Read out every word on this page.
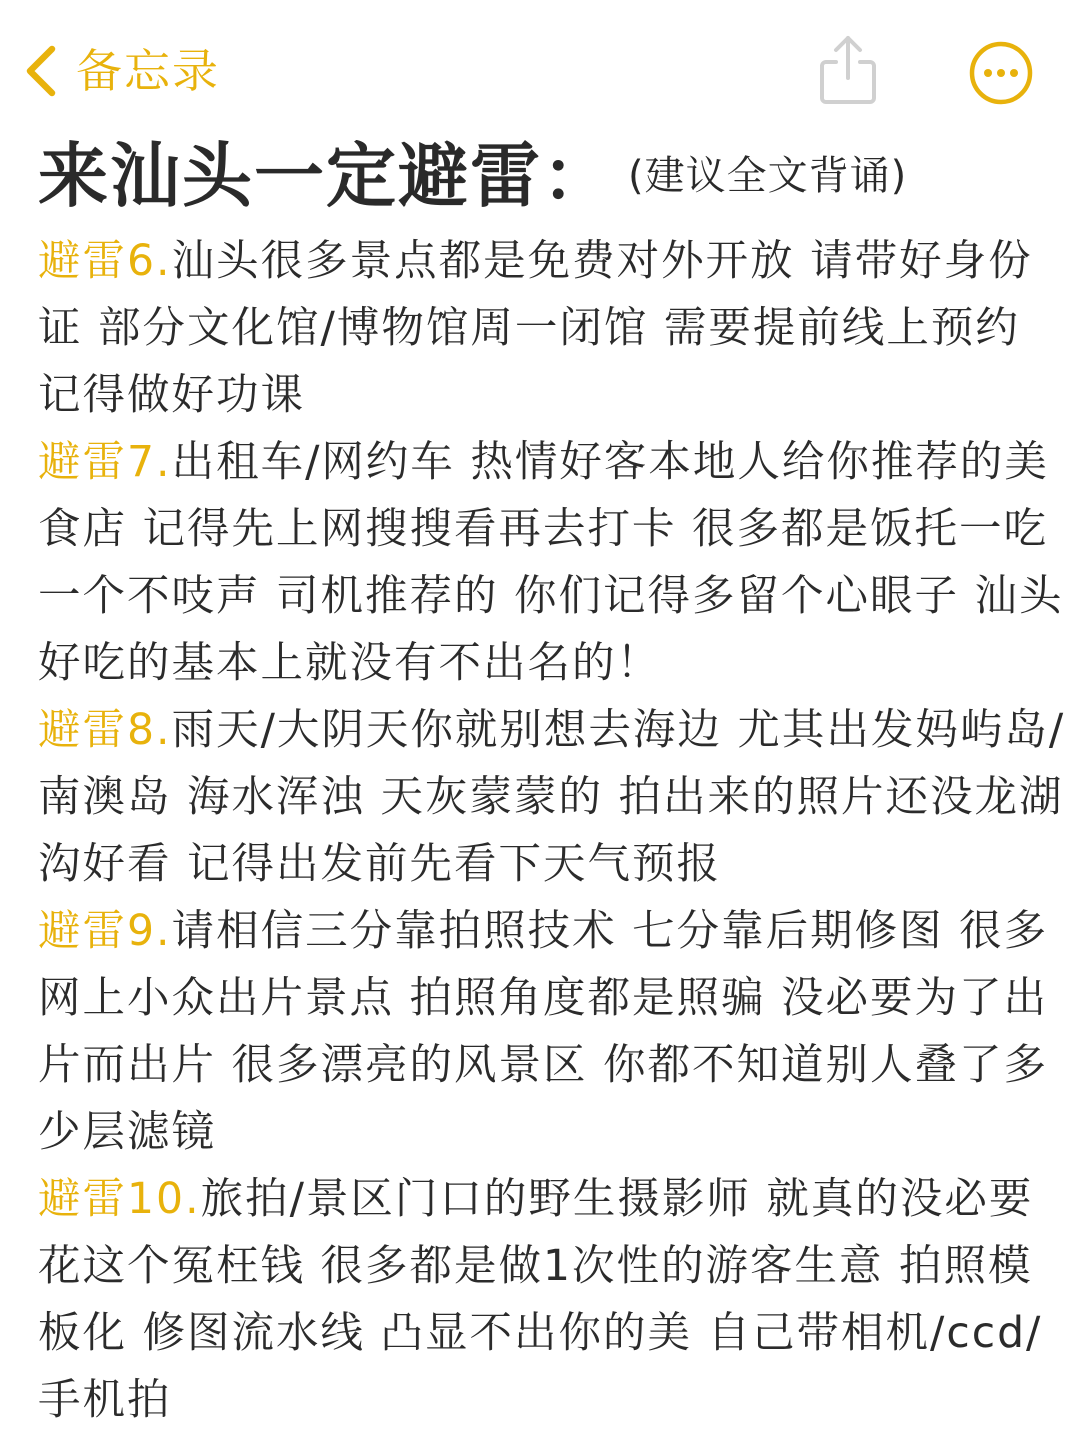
备忘录
来汕头一定避雷： (建议全文背诵)

避雷6.汕头很多景点都是免费对外开放 请带好身份证 部分文化馆/博物馆周一闭馆 需要提前线上预约 记得做好功课

避雷7.出租车/网约车 热情好客本地人给你推荐的美食店 记得先上网搜搜看再去打卡 很多都是饭托一吃一个不吱声 司机推荐的 你们记得多留个心眼子 汕头好吃的基本上就没有不出名的！

避雷8.雨天/大阴天你就别想去海边 尤其出发妈屿岛/南澳岛 海水浑浊 天灰蒙蒙的 拍出来的照片还没龙湖沟好看 记得出发前先看下天气预报

避雷9.请相信三分靠拍照技术 七分靠后期修图 很多网上小众出片景点 拍照角度都是照骗 没必要为了出片而出片 很多漂亮的风景区 你都不知道别人叠了多少层滤镜

避雷10.旅拍/景区门口的野生摄影师 就真的没必要花这个冤枉钱 很多都是做1次性的游客生意 拍照模板化 修图流水线 凸显不出你的美 自己带相机/ccd/手机拍
